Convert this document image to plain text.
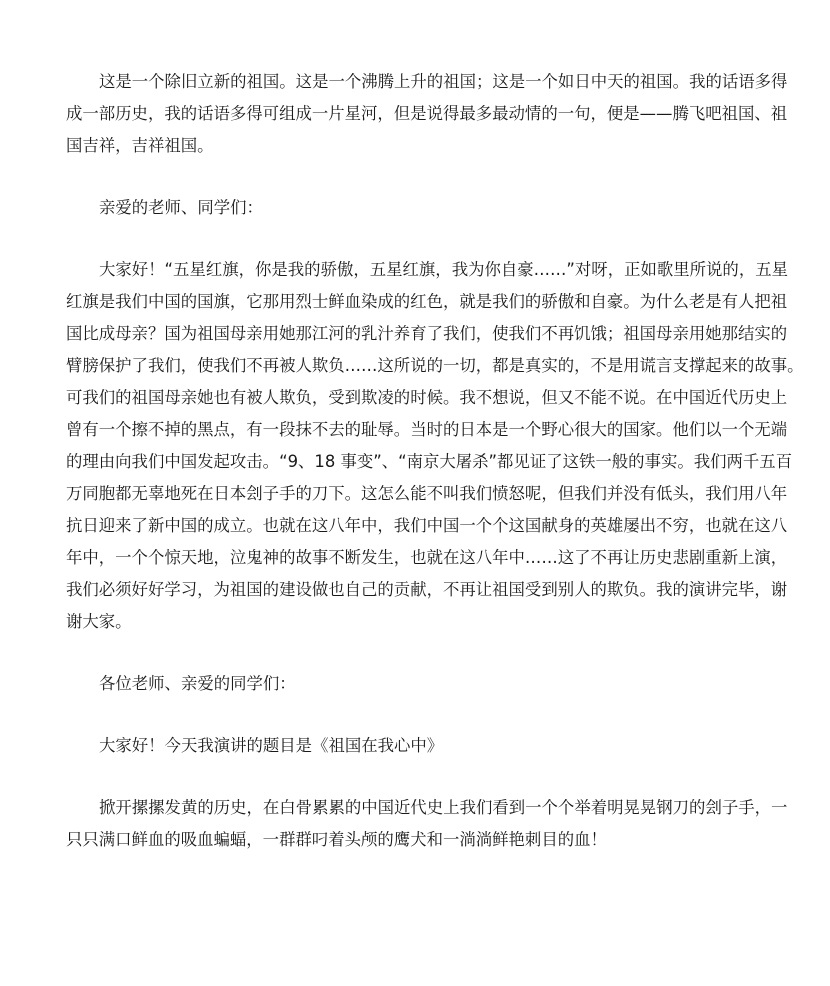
这是一个除旧立新的祖国。这是一个沸腾上升的祖国；这是一个如日中天的祖国。我的话语多得
成一部历史，我的话语多得可组成一片星河，但是说得最多最动情的一句，便是——腾飞吧祖国、祖
国吉祥，吉祥祖国。
亲爱的老师、同学们：
大家好！“五星红旗，你是我的骄傲，五星红旗，我为你自豪……”对呀，正如歌里所说的，五星
红旗是我们中国的国旗，它那用烈士鲜血染成的红色，就是我们的骄傲和自豪。为什么老是有人把祖
国比成母亲？国为祖国母亲用她那江河的乳汁养育了我们，使我们不再饥饿；祖国母亲用她那结实的
臂膀保护了我们，使我们不再被人欺负……这所说的一切，都是真实的，不是用谎言支撑起来的故事。
可我们的祖国母亲她也有被人欺负，受到欺凌的时候。我不想说，但又不能不说。在中国近代历史上
曾有一个擦不掉的黑点，有一段抹不去的耻辱。当时的日本是一个野心很大的国家。他们以一个无端
的理由向我们中国发起攻击。“9、18 事变”、“南京大屠杀”都见证了这铁一般的事实。我们两千五百
万同胞都无辜地死在日本刽子手的刀下。这怎么能不叫我们愤怒呢，但我们并没有低头，我们用八年
抗日迎来了新中国的成立。也就在这八年中，我们中国一个个这国献身的英雄屡出不穷，也就在这八
年中，一个个惊天地，泣鬼神的故事不断发生，也就在这八年中……这了不再让历史悲剧重新上演，
我们必须好好学习，为祖国的建设做也自己的贡献，不再让祖国受到别人的欺负。我的演讲完毕，谢
谢大家。
各位老师、亲爱的同学们：
大家好！今天我演讲的题目是《祖国在我心中》
掀开摞摞发黄的历史，在白骨累累的中国近代史上我们看到一个个举着明晃晃钢刀的刽子手，一
只只满口鲜血的吸血蝙蝠，一群群叼着头颅的鹰犬和一淌淌鲜艳刺目的血！
